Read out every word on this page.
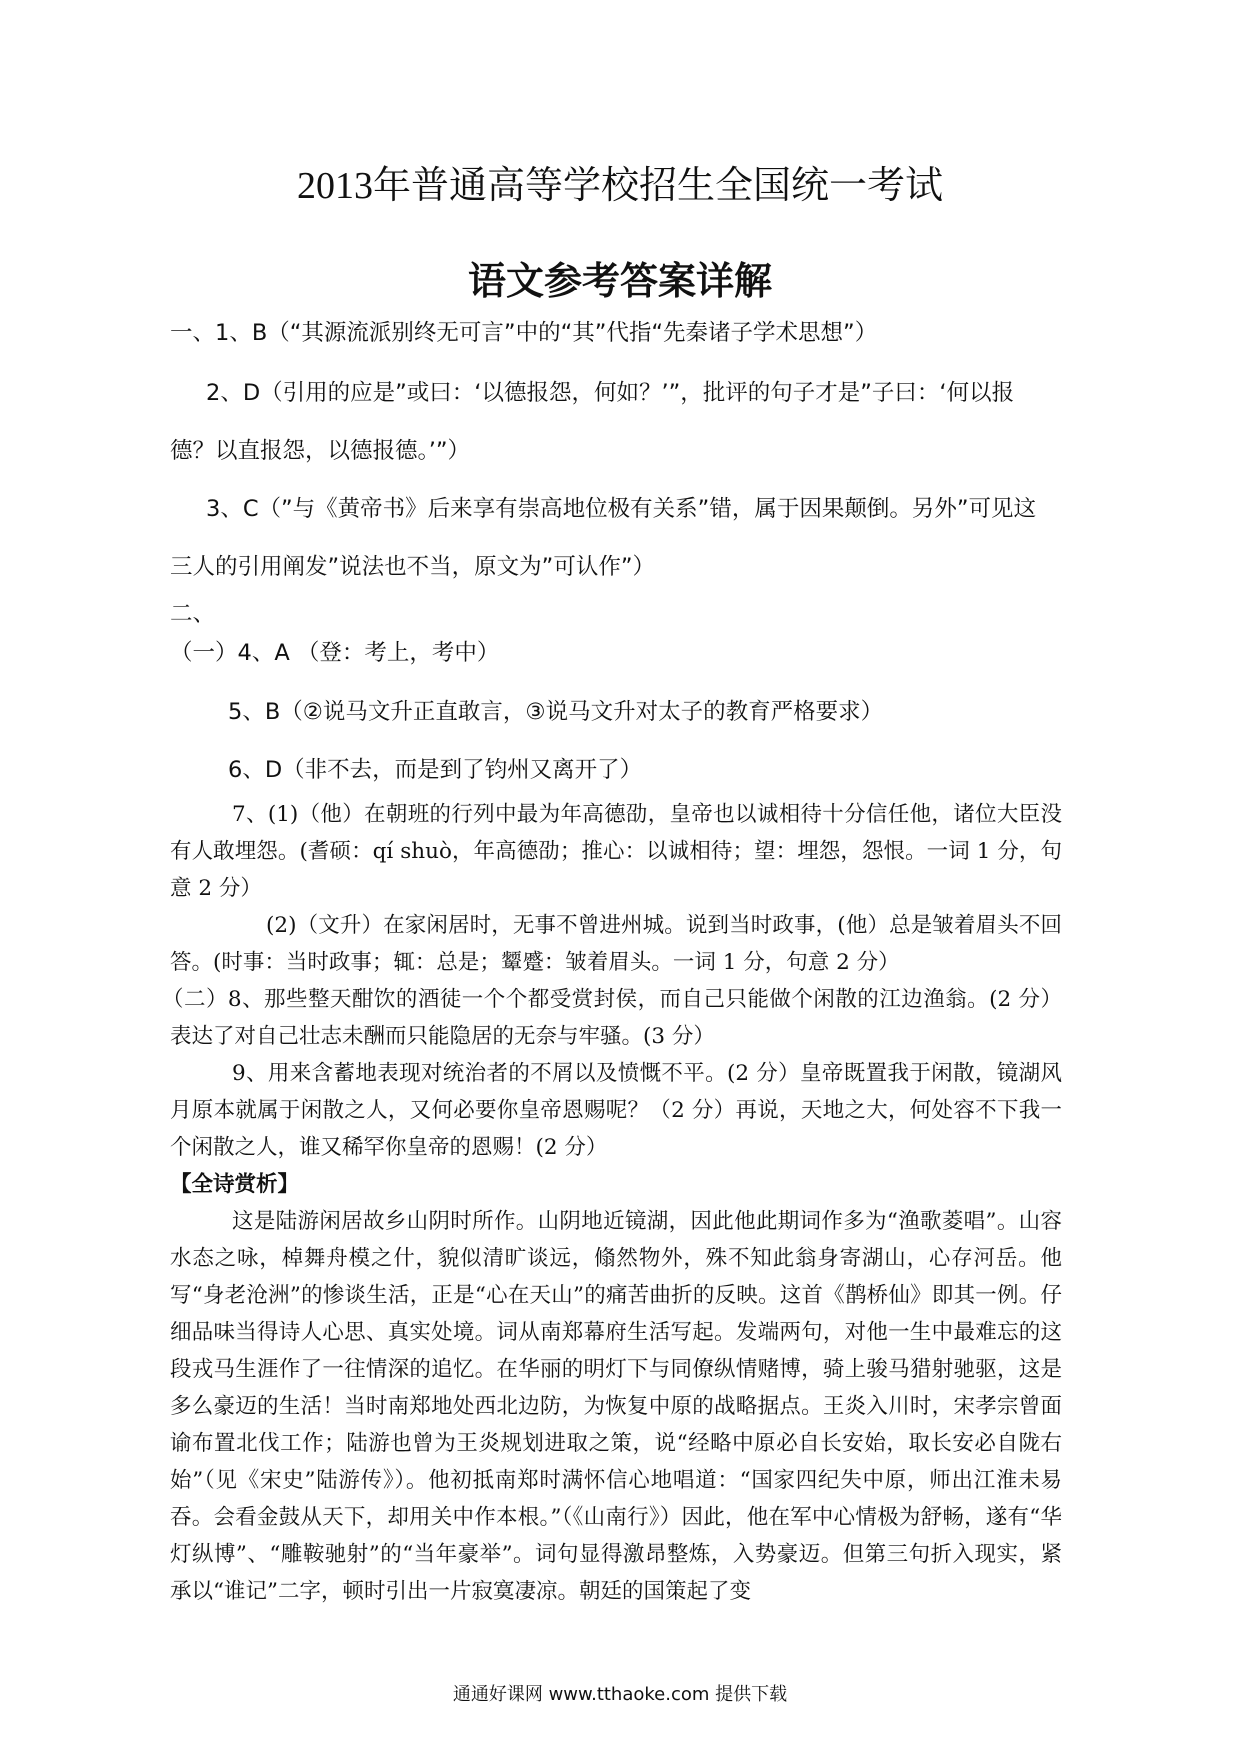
2013年普通高等学校招生全国统一考试
语文参考答案详解
一、1、B（“其源流派别终无可言”中的“其”代指“先秦诸子学术思想”）
2、D（引用的应是”或曰：‘以德报怨，何如？’”，批评的句子才是”子曰：‘何以报
德？以直报怨，以德报德。’”）
3、C（”与《黄帝书》后来享有崇高地位极有关系”错，属于因果颠倒。另外”可见这
三人的引用阐发”说法也不当，原文为”可认作”）
二、
（一）4、A （登：考上，考中）
5、B（②说马文升正直敢言，③说马文升对太子的教育严格要求）
6、D（非不去，而是到了钧州又离开了）

7、(1)（他）在朝班的行列中最为年高德劭，皇帝也以诚相待十分信任他，诸位大臣没有人敢埋怨。(耆硕：qí shuò，年高德劭；推心：以诚相待；望：埋怨，怨恨。一词 1 分，句意 2 分）

(2)（文升）在家闲居时，无事不曾进州城。说到当时政事，(他）总是皱着眉头不回答。(时事：当时政事；辄：总是；颦蹙：皱着眉头。一词 1 分，句意 2 分）

（二）8、那些整天酣饮的酒徒一个个都受赏封侯，而自己只能做个闲散的江边渔翁。(2 分）表达了对自己壮志未酬而只能隐居的无奈与牢骚。(3 分）

9、用来含蓄地表现对统治者的不屑以及愤慨不平。(2 分）皇帝既置我于闲散，镜湖风月原本就属于闲散之人，又何必要你皇帝恩赐呢？（2 分）再说，天地之大，何处容不下我一个闲散之人，谁又稀罕你皇帝的恩赐！(2 分）

【全诗赏析】

这是陆游闲居故乡山阴时所作。山阴地近镜湖，因此他此期词作多为“渔歌菱唱”。山容水态之咏，棹舞舟模之什，貌似清旷谈远，翛然物外，殊不知此翁身寄湖山，心存河岳。他写“身老沧洲”的惨谈生活，正是“心在天山”的痛苦曲折的反映。这首《鹊桥仙》即其一例。仔细品味当得诗人心思、真实处境。词从南郑幕府生活写起。发端两句，对他一生中最难忘的这段戎马生涯作了一往情深的追忆。在华丽的明灯下与同僚纵情赌博，骑上骏马猎射驰驱，这是多么豪迈的生活！当时南郑地处西北边防，为恢复中原的战略据点。王炎入川时，宋孝宗曾面谕布置北伐工作；陆游也曾为王炎规划进取之策，说“经略中原必自长安始，取长安必自陇右始”（见《宋史”陆游传》）。他初抵南郑时满怀信心地唱道：“国家四纪失中原，师出江淮未易吞。会看金鼓从天下，却用关中作本根。”（《山南行》）因此，他在军中心情极为舒畅，遂有“华灯纵博”、“雕鞍驰射”的“当年豪举”。词句显得激昂整炼，入势豪迈。但第三句折入现实，紧承以“谁记”二字，顿时引出一片寂寞凄凉。朝廷的国策起了变

通通好课网 www.tthaoke.com 提供下载
